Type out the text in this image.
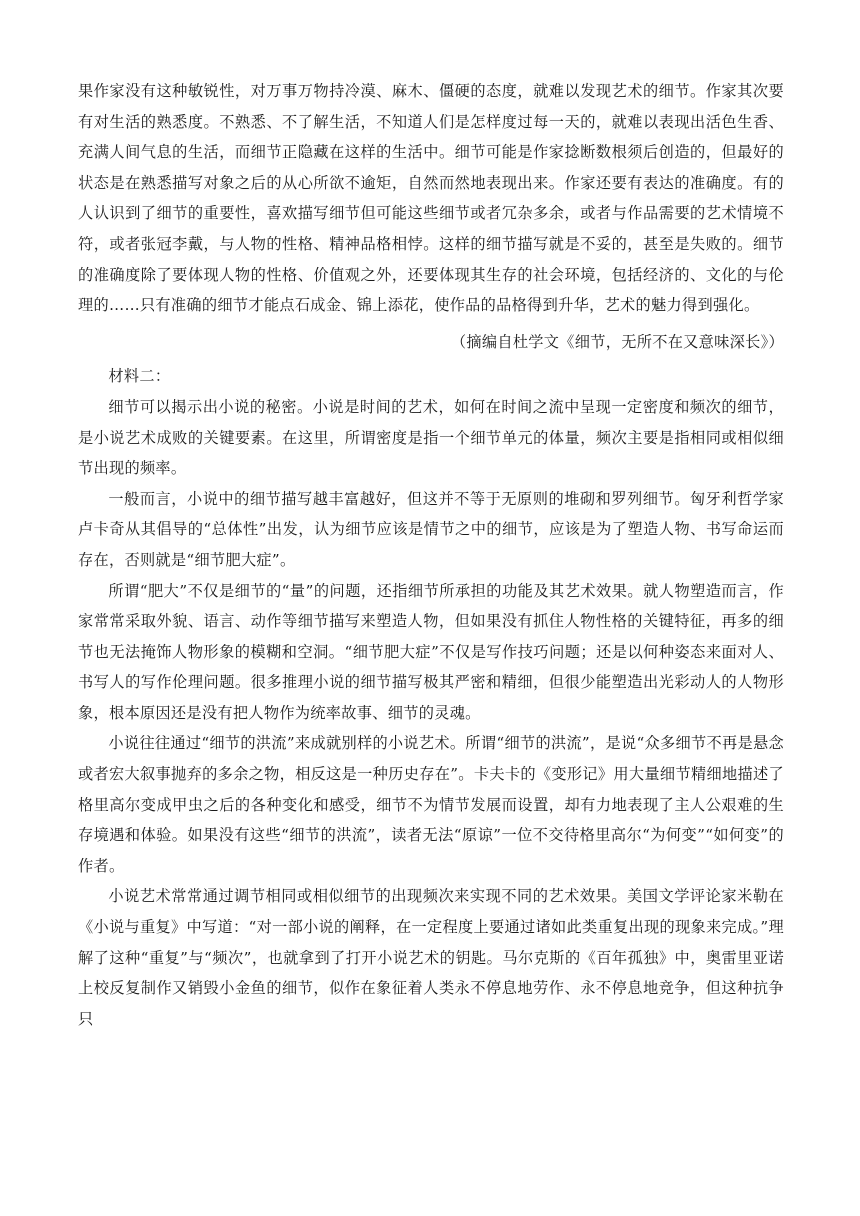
果作家没有这种敏锐性，对万事万物持冷漠、麻木、僵硬的态度，就难以发现艺术的细节。作家其次要有对生活的熟悉度。不熟悉、不了解生活，不知道人们是怎样度过每一天的，就难以表现出活色生香、充满人间气息的生活，而细节正隐藏在这样的生活中。细节可能是作家捻断数根须后创造的，但最好的状态是在熟悉描写对象之后的从心所欲不逾矩，自然而然地表现出来。作家还要有表达的准确度。有的人认识到了细节的重要性，喜欢描写细节但可能这些细节或者冗杂多余，或者与作品需要的艺术情境不符，或者张冠李戴，与人物的性格、精神品格相悖。这样的细节描写就是不妥的，甚至是失败的。细节的准确度除了要体现人物的性格、价值观之外，还要体现其生存的社会环境，包括经济的、文化的与伦理的……只有准确的细节才能点石成金、锦上添花，使作品的品格得到升华，艺术的魅力得到强化。

（摘编自杜学文《细节，无所不在又意味深长》）

材料二：

细节可以揭示出小说的秘密。小说是时间的艺术，如何在时间之流中呈现一定密度和频次的细节，是小说艺术成败的关键要素。在这里，所谓密度是指一个细节单元的体量，频次主要是指相同或相似细节出现的频率。

一般而言，小说中的细节描写越丰富越好，但这并不等于无原则的堆砌和罗列细节。匈牙利哲学家卢卡奇从其倡导的“总体性”出发，认为细节应该是情节之中的细节，应该是为了塑造人物、书写命运而存在，否则就是“细节肥大症”。

所谓“肥大”不仅是细节的“量”的问题，还指细节所承担的功能及其艺术效果。就人物塑造而言，作家常常采取外貌、语言、动作等细节描写来塑造人物，但如果没有抓住人物性格的关键特征，再多的细节也无法掩饰人物形象的模糊和空洞。“细节肥大症”不仅是写作技巧问题；还是以何种姿态来面对人、书写人的写作伦理问题。很多推理小说的细节描写极其严密和精细，但很少能塑造出光彩动人的人物形象，根本原因还是没有把人物作为统率故事、细节的灵魂。

小说往往通过“细节的洪流”来成就别样的小说艺术。所谓“细节的洪流”，是说“众多细节不再是悬念或者宏大叙事抛弃的多余之物，相反这是一种历史存在”。卡夫卡的《变形记》用大量细节精细地描述了格里高尔变成甲虫之后的各种变化和感受，细节不为情节发展而设置，却有力地表现了主人公艰难的生存境遇和体验。如果没有这些“细节的洪流”，读者无法“原谅”一位不交待格里高尔“为何变”“如何变”的作者。

小说艺术常常通过调节相同或相似细节的出现频次来实现不同的艺术效果。美国文学评论家米勒在《小说与重复》中写道：“对一部小说的阐释，在一定程度上要通过诸如此类重复出现的现象来完成。”理解了这种“重复”与“频次”，也就拿到了打开小说艺术的钥匙。马尔克斯的《百年孤独》中，奥雷里亚诺上校反复制作又销毁小金鱼的细节，似作在象征着人类永不停息地劳作、永不停息地竞争，但这种抗争只
